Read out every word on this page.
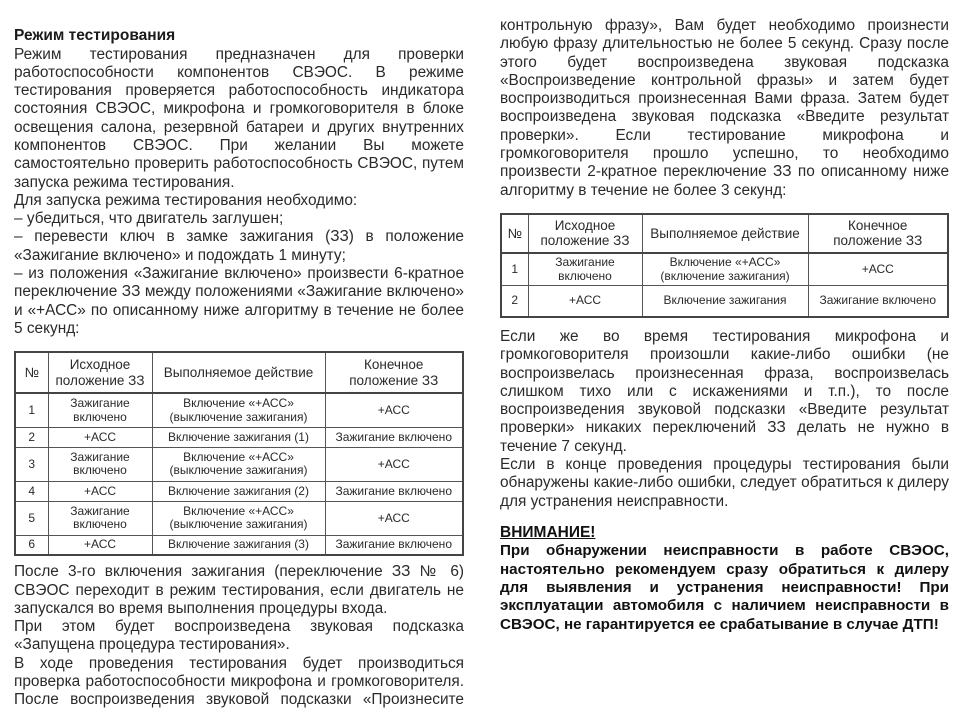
Режим тестирования

Режим тестирования предназначен для проверки работоспособности компонентов СВЭОС. В режиме тестирования проверяется работоспособность индикатора состояния СВЭОС, микрофона и громкоговорителя в блоке освещения салона, резервной батареи и других внутренних компонентов СВЭОС. При желании Вы можете самостоятельно проверить работоспособность СВЭОС, путем запуска режима тестирования.

Для запуска режима тестирования необходимо:

– убедиться, что двигатель заглушен;

– перевести ключ в замке зажигания (ЗЗ) в положение «Зажигание включено» и подождать 1 минуту;

– из положения «Зажигание включено» произвести 6-кратное переключение ЗЗ между положениями «Зажигание включено» и «+АСС» по описанному ниже алгоритму в течение не более 5 секунд:

№	Исходное положение ЗЗ	Выполняемое действие	Конечное положение ЗЗ
1	Зажигание включено	Включение «+АСС» (выключение зажигания)	+АСС
2	+АСС	Включение зажигания (1)	Зажигание включено
3	Зажигание включено	Включение «+АСС» (выключение зажигания)	+АСС
4	+АСС	Включение зажигания (2)	Зажигание включено
5	Зажигание включено	Включение «+АСС» (выключение зажигания)	+АСС
6	+АСС	Включение зажигания (3)	Зажигание включено

После 3-го включения зажигания (переключение ЗЗ № 6) СВЭОС переходит в режим тестирования, если двигатель не запускался во время выполнения процедуры входа.

При этом будет воспроизведена звуковая подсказка «Запущена процедура тестирования».

В ходе проведения тестирования будет производиться проверка работоспособности микрофона и громкоговорителя. После воспроизведения звуковой подсказки «Произнесите

контрольную фразу», Вам будет необходимо произнести любую фразу длительностью не более 5 секунд. Сразу после этого будет воспроизведена звуковая подсказка «Воспроизведение контрольной фразы» и затем будет воспроизводиться произнесенная Вами фраза. Затем будет воспроизведена звуковая подсказка «Введите результат проверки». Если тестирование микрофона и громкоговорителя прошло успешно, то необходимо произвести 2-кратное переключение ЗЗ по описанному ниже алгоритму в течение не более 3 секунд:

№	Исходное положение ЗЗ	Выполняемое действие	Конечное положение ЗЗ
1	Зажигание включено	Включение «+АСС» (включение зажигания)	+АСС
2	+АСС	Включение зажигания	Зажигание включено

Если же во время тестирования микрофона и громкоговорителя произошли какие-либо ошибки (не воспроизвелась произнесенная фраза, воспроизвелась слишком тихо или с искажениями и т.п.), то после воспроизведения звуковой подсказки «Введите результат проверки» никаких переключений ЗЗ делать не нужно в течение 7 секунд.

Если в конце проведения процедуры тестирования были обнаружены какие-либо ошибки, следует обратиться к дилеру для устранения неисправности.

ВНИМАНИЕ!

При обнаружении неисправности в работе СВЭОС, настоятельно рекомендуем сразу обратиться к дилеру для выявления и устранения неисправности! При эксплуатации автомобиля с наличием неисправности в СВЭОС, не гарантируется ее срабатывание в случае ДТП!
